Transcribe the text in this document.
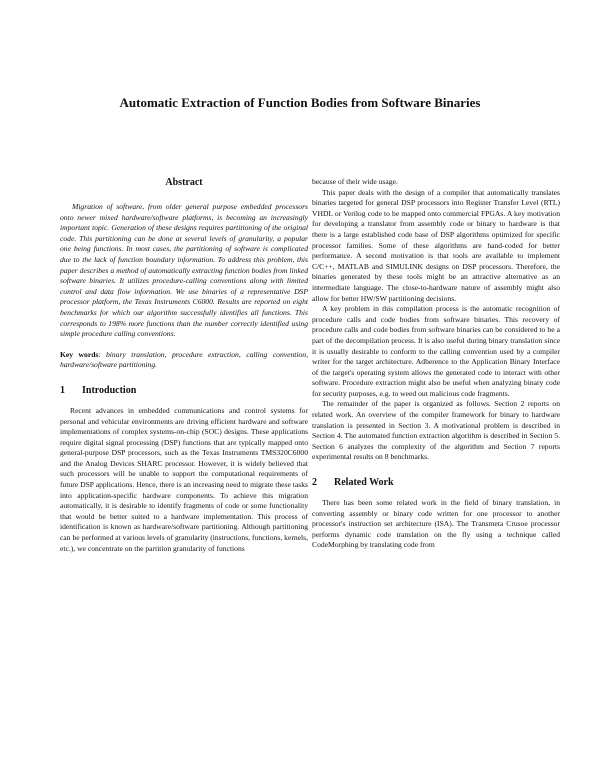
Automatic Extraction of Function Bodies from Software Binaries
Abstract

Migration of software, from older general purpose embedded processors onto newer mixed hardware/software platforms, is becoming an increasingly important topic. Generation of these designs requires partitioning of the original code. This partitioning can be done at several levels of granularity, a popular one being functions. In most cases, the partitioning of software is complicated due to the lack of function boundary information. To address this problem, this paper describes a method of automatically extracting function bodies from linked software binaries. It utilizes procedure-calling conventions along with limited control and data flow information. We use binaries of a representative DSP processor platform, the Texas Instruments C6000. Results are reported on eight benchmarks for which our algorithm successfully identifies all functions. This corresponds to 198% more functions than the number correctly identified using simple procedure calling conventions.

Key words: binary translation, procedure extraction, calling convention, hardware/software partitioning.

1 Introduction

Recent advances in embedded communications and control systems for personal and vehicular environments are driving efficient hardware and software implementations of complex systems-on-chip (SOC) designs. These applications require digital signal processing (DSP) functions that are typically mapped onto general-purpose DSP processors, such as the Texas Instruments TMS320C6000 and the Analog Devices SHARC processor. However, it is widely believed that such processors will be unable to support the computational requirements of future DSP applications. Hence, there is an increasing need to migrate these tasks into application-specific hardware components. To achieve this migration automatically, it is desirable to identify fragments of code or some functionality that would be better suited to a hardware implementation. This process of identification is known as hardware/software partitioning. Although partitioning can be performed at various levels of granularity (instructions, functions, kernels, etc.), we concentrate on the partition granularity of functions

because of their wide usage.

This paper deals with the design of a compiler that automatically translates binaries targeted for general DSP processors into Register Transfer Level (RTL) VHDL or Verilog code to be mapped onto commercial FPGAs. A key motivation for developing a translator from assembly code or binary to hardware is that there is a large established code base of DSP algorithms optimized for specific processor families. Some of these algorithms are hand-coded for better performance. A second motivation is that tools are available to implement C/C++, MATLAB and SIMULINK designs on DSP processors. Therefore, the binaries generated by these tools might be an attractive alternative as an intermediate language. The close-to-hardware nature of assembly might also allow for better HW/SW partitioning decisions.

A key problem in this compilation process is the automatic recognition of procedure calls and code bodies from software binaries. This recovery of procedure calls and code bodies from software binaries can be considered to be a part of the decompilation process. It is also useful during binary translation since it is usually desirable to conform to the calling convention used by a compiler writer for the target architecture. Adherence to the Application Binary Interface of the target's operating system allows the generated code to interact with other software. Procedure extraction might also be useful when analyzing binary code for security purposes, e.g. to weed out malicious code fragments.

The remainder of the paper is organized as follows. Section 2 reports on related work. An overview of the compiler framework for binary to hardware translation is presented in Section 3. A motivational problem is described in Section 4. The automated function extraction algorithm is described in Section 5. Section 6 analyzes the complexity of the algorithm and Section 7 reports experimental results on 8 benchmarks.

2 Related Work

There has been some related work in the field of binary translation, in converting assembly or binary code written for one processor to another processor's instruction set architecture (ISA). The Transmeta Crusoe processor performs dynamic code translation on the fly using a technique called CodeMorphing by translating code from
